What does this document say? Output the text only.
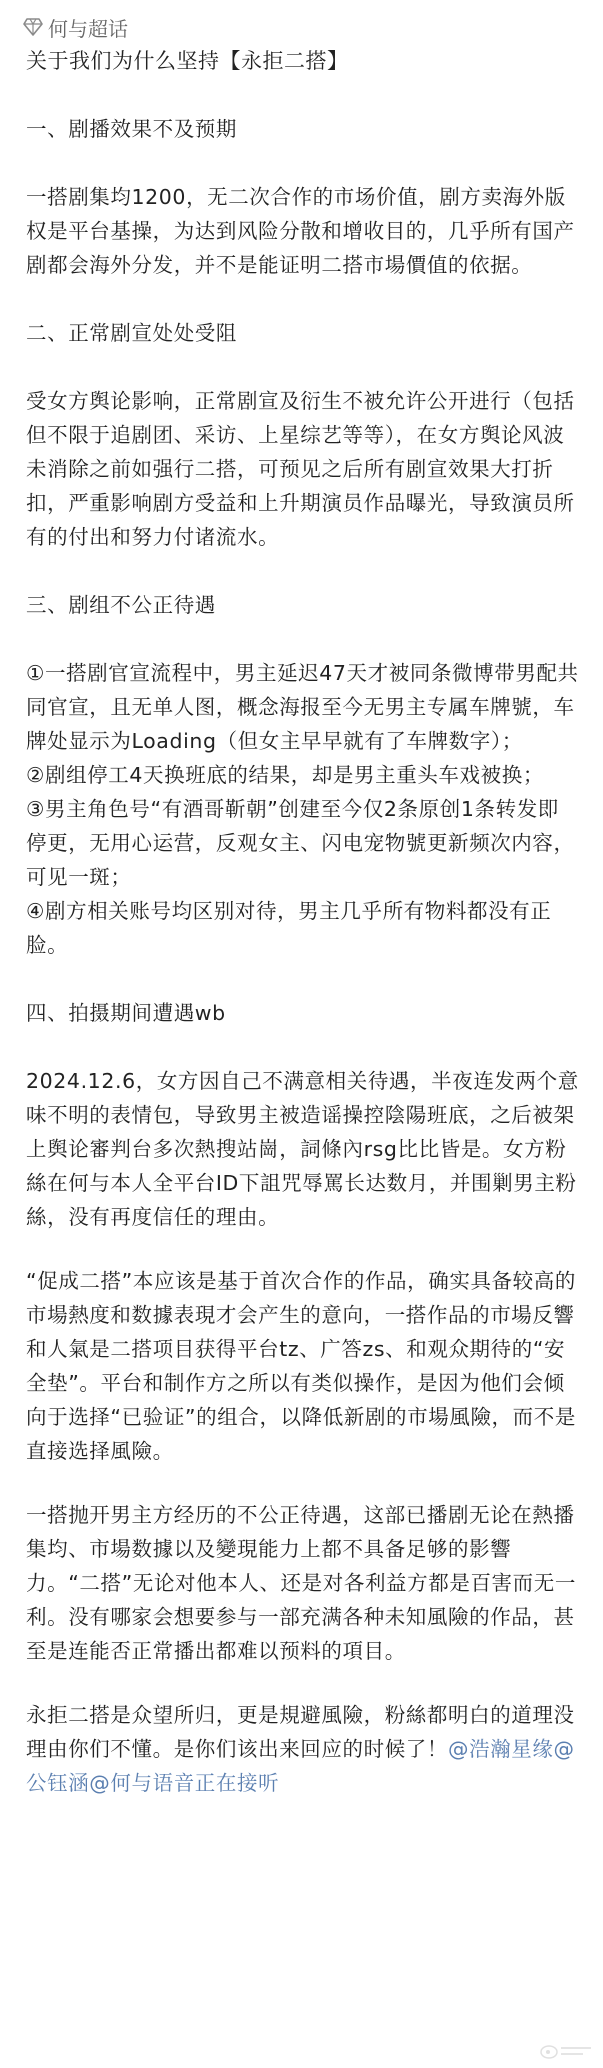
何与超话
关于我们为什么坚持【永拒二搭】
一、剧播效果不及预期

一搭剧集均1200，无二次合作的市场价值，剧方卖海外版权是平台基操，为达到风险分散和增收目的，几乎所有国产剧都会海外分发，并不是能证明二搭市場價值的依据。

二、正常剧宣处处受阻

受女方舆论影响，正常剧宣及衍生不被允许公开进行（包括但不限于追剧团、采访、上星综艺等等），在女方舆论风波未消除之前如强行二搭，可预见之后所有剧宣效果大打折扣，严重影响剧方受益和上升期演员作品曝光，导致演员所有的付出和努力付诸流水。

三、剧组不公正待遇

①一搭剧官宣流程中，男主延迟47天才被同条微博带男配共同官宣，且无单人图，概念海报至今无男主专属车牌號，车牌处显示为Loading（但女主早早就有了车牌数字）；

②剧组停工4天换班底的结果，却是男主重头车戏被换；

③男主角色号“有酒哥靳朝”创建至今仅2条原创1条转发即停更，无用心运营，反观女主、闪电宠物號更新频次内容，可见一斑；

④剧方相关账号均区别对待，男主几乎所有物料都没有正脸。

四、拍摄期间遭遇wb

2024.12.6，女方因自己不满意相关待遇，半夜连发两个意味不明的表情包，导致男主被造谣操控陰陽班底，之后被架上舆论審判台多次熱搜站崗，詞條內rsg比比皆是。女方粉絲在何与本人全平台ID下詛咒辱罵长达数月，并围剿男主粉絲，没有再度信任的理由。

“促成二搭”本应该是基于首次合作的作品，确实具备较高的市場熱度和数據表現才会产生的意向，一搭作品的市場反響和人氣是二搭项目获得平台tz、广答zs、和观众期待的“安全垫”。平台和制作方之所以有类似操作，是因为他们会倾向于选择“已验证”的组合，以降低新剧的市場風險，而不是直接选择風險。

一搭抛开男主方经历的不公正待遇，这部已播剧无论在熱播集均、市場数據以及變現能力上都不具备足够的影響力。“二搭”无论对他本人、还是对各利益方都是百害而无一利。没有哪家会想要参与一部充满各种未知風險的作品，甚至是连能否正常播出都难以预料的項目。

永拒二搭是众望所归，更是規避風險，粉絲都明白的道理没理由你们不懂。是你们该出来回应的时候了！@浩瀚星缘@公钰涵@何与语音正在接听
